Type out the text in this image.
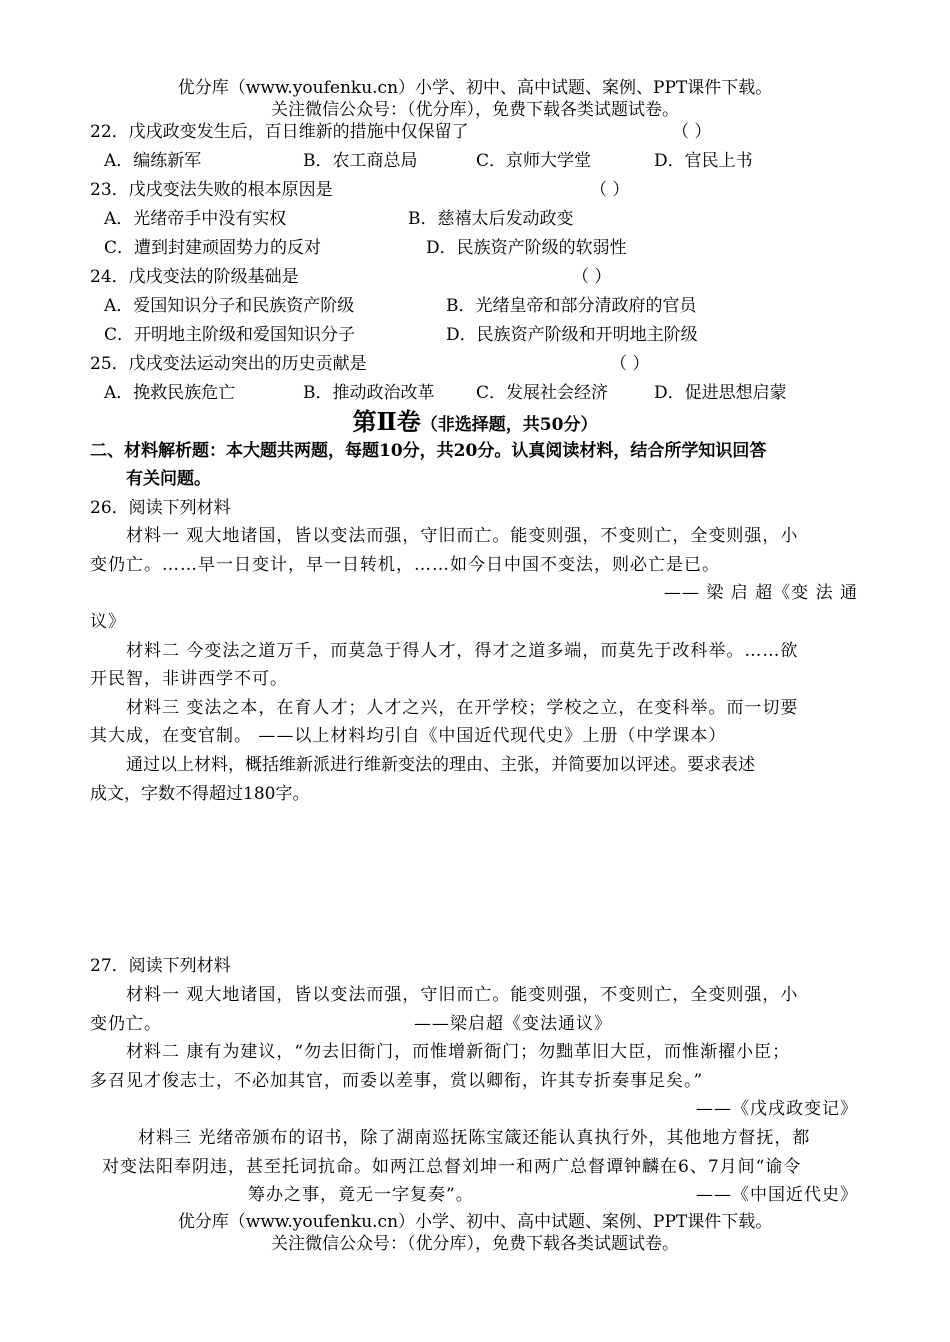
优分库（www.youfenku.cn）小学、初中、高中试题、案例、PPT课件下载。
关注微信公众号：（优分库），免费下载各类试题试卷。
22．戊戌政变发生后，百日维新的措施中仅保留了	（ ）
A．编练新军	B．农工商总局	C．京师大学堂	D．官民上书
23．戊戌变法失败的根本原因是	（ ）
A．光绪帝手中没有实权	B．慈禧太后发动政变
C．遭到封建顽固势力的反对	D．民族资产阶级的软弱性
24．戊戌变法的阶级基础是	（ ）
A．爱国知识分子和民族资产阶级	B．光绪皇帝和部分清政府的官员
C．开明地主阶级和爱国知识分子	D．民族资产阶级和开明地主阶级
25．戊戌变法运动突出的历史贡献是	（ ）
A．挽救民族危亡	B．推动政治改革 C．发展社会经济	D．促进思想启蒙
第Ⅱ卷（非选择题，共50分）
二、材料解析题：本大题共两题，每题10分，共20分。认真阅读材料，结合所学知识回答
有关问题。
26．阅读下列材料
材料一 观大地诸国，皆以变法而强，守旧而亡。能变则强，不变则亡，全变则强，小
变仍亡。……早一日变计，早一日转机，……如今日中国不变法，则必亡是已。
—— 梁 启 超《变 法 通
议》
材料二 今变法之道万千，而莫急于得人才，得才之道多端，而莫先于改科举。……欲
开民智，非讲西学不可。
材料三 变法之本，在育人才；人才之兴，在开学校；学校之立，在变科举。而一切要
其大成，在变官制。 ——以上材料均引自《中国近代现代史》上册（中学课本）
通过以上材料，概括维新派进行维新变法的理由、主张，并简要加以评述。要求表述
成文，字数不得超过180字。
27．阅读下列材料
材料一 观大地诸国，皆以变法而强，守旧而亡。能变则强，不变则亡，全变则强，小
变仍亡。	——梁启超《变法通议》
材料二 康有为建议，“勿去旧衙门，而惟增新衙门；勿黜革旧大臣，而惟渐擢小臣；
多召见才俊志士，不必加其官，而委以差事，赏以卿衔，许其专折奏事足矣。”
——《戊戌政变记》
材料三 光绪帝颁布的诏书，除了湖南巡抚陈宝箴还能认真执行外，其他地方督抚，都
对变法阳奉阴违，甚至托词抗命。如两江总督刘坤一和两广总督谭钟麟在6、7月间“谕令
筹办之事，竟无一字复奏”。	——《中国近代史》
优分库（www.youfenku.cn）小学、初中、高中试题、案例、PPT课件下载。
关注微信公众号：（优分库），免费下载各类试题试卷。
